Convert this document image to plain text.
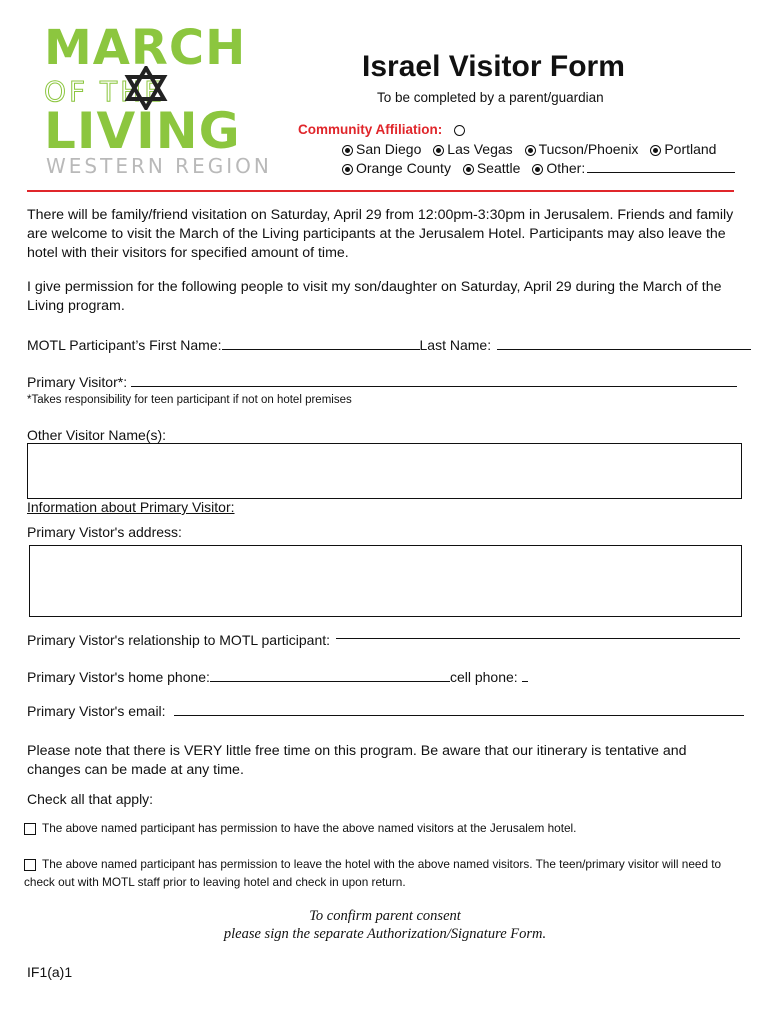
MARCH
OF THE
LIVING
WESTERN REGION
Israel Visitor Form
To be completed by a parent/guardian
Community Affiliation:
San Diego Las Vegas Tucson/Phoenix Portland
Orange County Seattle Other:
There will be family/friend visitation on Saturday, April 29 from 12:00pm-3:30pm in Jerusalem. Friends and family are welcome to visit the March of the Living participants at the Jerusalem Hotel. Participants may also leave the hotel with their visitors for specified amount of time.
I give permission for the following people to visit my son/daughter on Saturday, April 29 during the March of the Living program.
MOTL Participant’s First Name:	Last Name:
Primary Visitor*:
*Takes responsibility for teen participant if not on hotel premises
Other Visitor Name(s):
Information about Primary Visitor:
Primary Vistor's address:
Primary Vistor's relationship to MOTL participant:
Primary Vistor's home phone:	cell phone:
Primary Vistor's email:
Please note that there is VERY little free time on this program. Be aware that our itinerary is tentative and changes can be made at any time.
Check all that apply:
The above named participant has permission to have the above named visitors at the Jerusalem hotel.
The above named participant has permission to leave the hotel with the above named visitors. The teen/primary visitor will need to check out with MOTL staff prior to leaving hotel and check in upon return.
To confirm parent consent
please sign the separate Authorization/Signature Form.
IF1(a)1
